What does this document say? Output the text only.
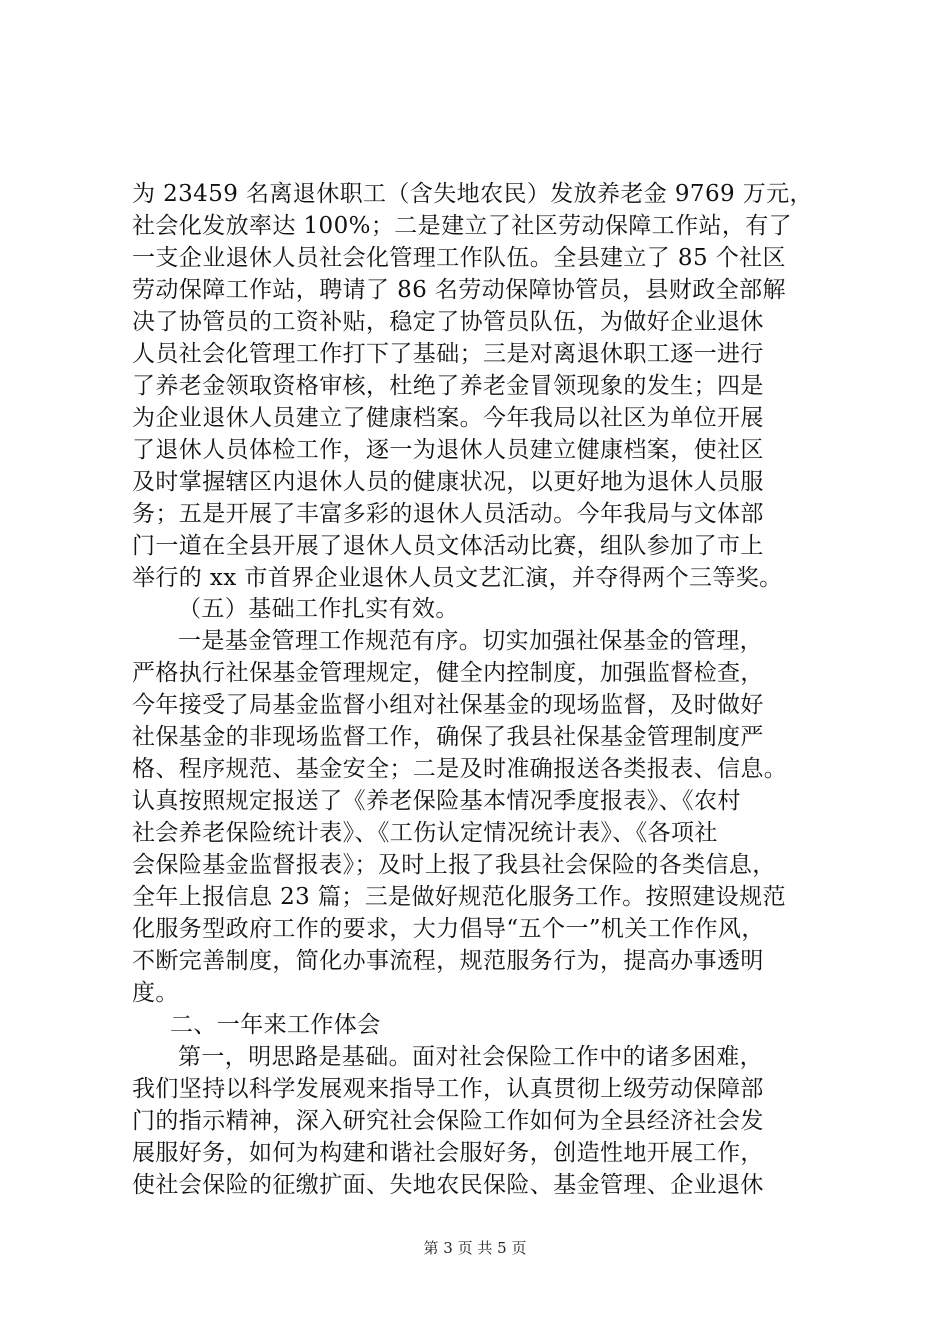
为 23459 名离退休职工（含失地农民）发放养老金 9769 万元，
社会化发放率达 100%；二是建立了社区劳动保障工作站，有了
一支企业退休人员社会化管理工作队伍。全县建立了 85 个社区
劳动保障工作站，聘请了 86 名劳动保障协管员，县财政全部解
决了协管员的工资补贴，稳定了协管员队伍，为做好企业退休
人员社会化管理工作打下了基础；三是对离退休职工逐一进行
了养老金领取资格审核，杜绝了养老金冒领现象的发生；四是
为企业退休人员建立了健康档案。今年我局以社区为单位开展
了退休人员体检工作，逐一为退休人员建立健康档案，使社区
及时掌握辖区内退休人员的健康状况，以更好地为退休人员服
务；五是开展了丰富多彩的退休人员活动。今年我局与文体部
门一道在全县开展了退休人员文体活动比赛，组队参加了市上
举行的 xx 市首界企业退休人员文艺汇演，并夺得两个三等奖。
（五）基础工作扎实有效。
一是基金管理工作规范有序。切实加强社保基金的管理，
严格执行社保基金管理规定，健全内控制度，加强监督检查，
今年接受了局基金监督小组对社保基金的现场监督，及时做好
社保基金的非现场监督工作，确保了我县社保基金管理制度严
格、程序规范、基金安全；二是及时准确报送各类报表、信息。
认真按照规定报送了《养老保险基本情况季度报表》、《农村
社会养老保险统计表》、《工伤认定情况统计表》、《各项社
会保险基金监督报表》；及时上报了我县社会保险的各类信息，
全年上报信息 23 篇；三是做好规范化服务工作。按照建设规范
化服务型政府工作的要求，大力倡导“五个一”机关工作作风，
不断完善制度，简化办事流程，规范服务行为，提高办事透明
度。
二、一年来工作体会
第一，明思路是基础。面对社会保险工作中的诸多困难，
我们坚持以科学发展观来指导工作，认真贯彻上级劳动保障部
门的指示精神，深入研究社会保险工作如何为全县经济社会发
展服好务，如何为构建和谐社会服好务，创造性地开展工作，
使社会保险的征缴扩面、失地农民保险、基金管理、企业退休
第 3 页 共 5 页
